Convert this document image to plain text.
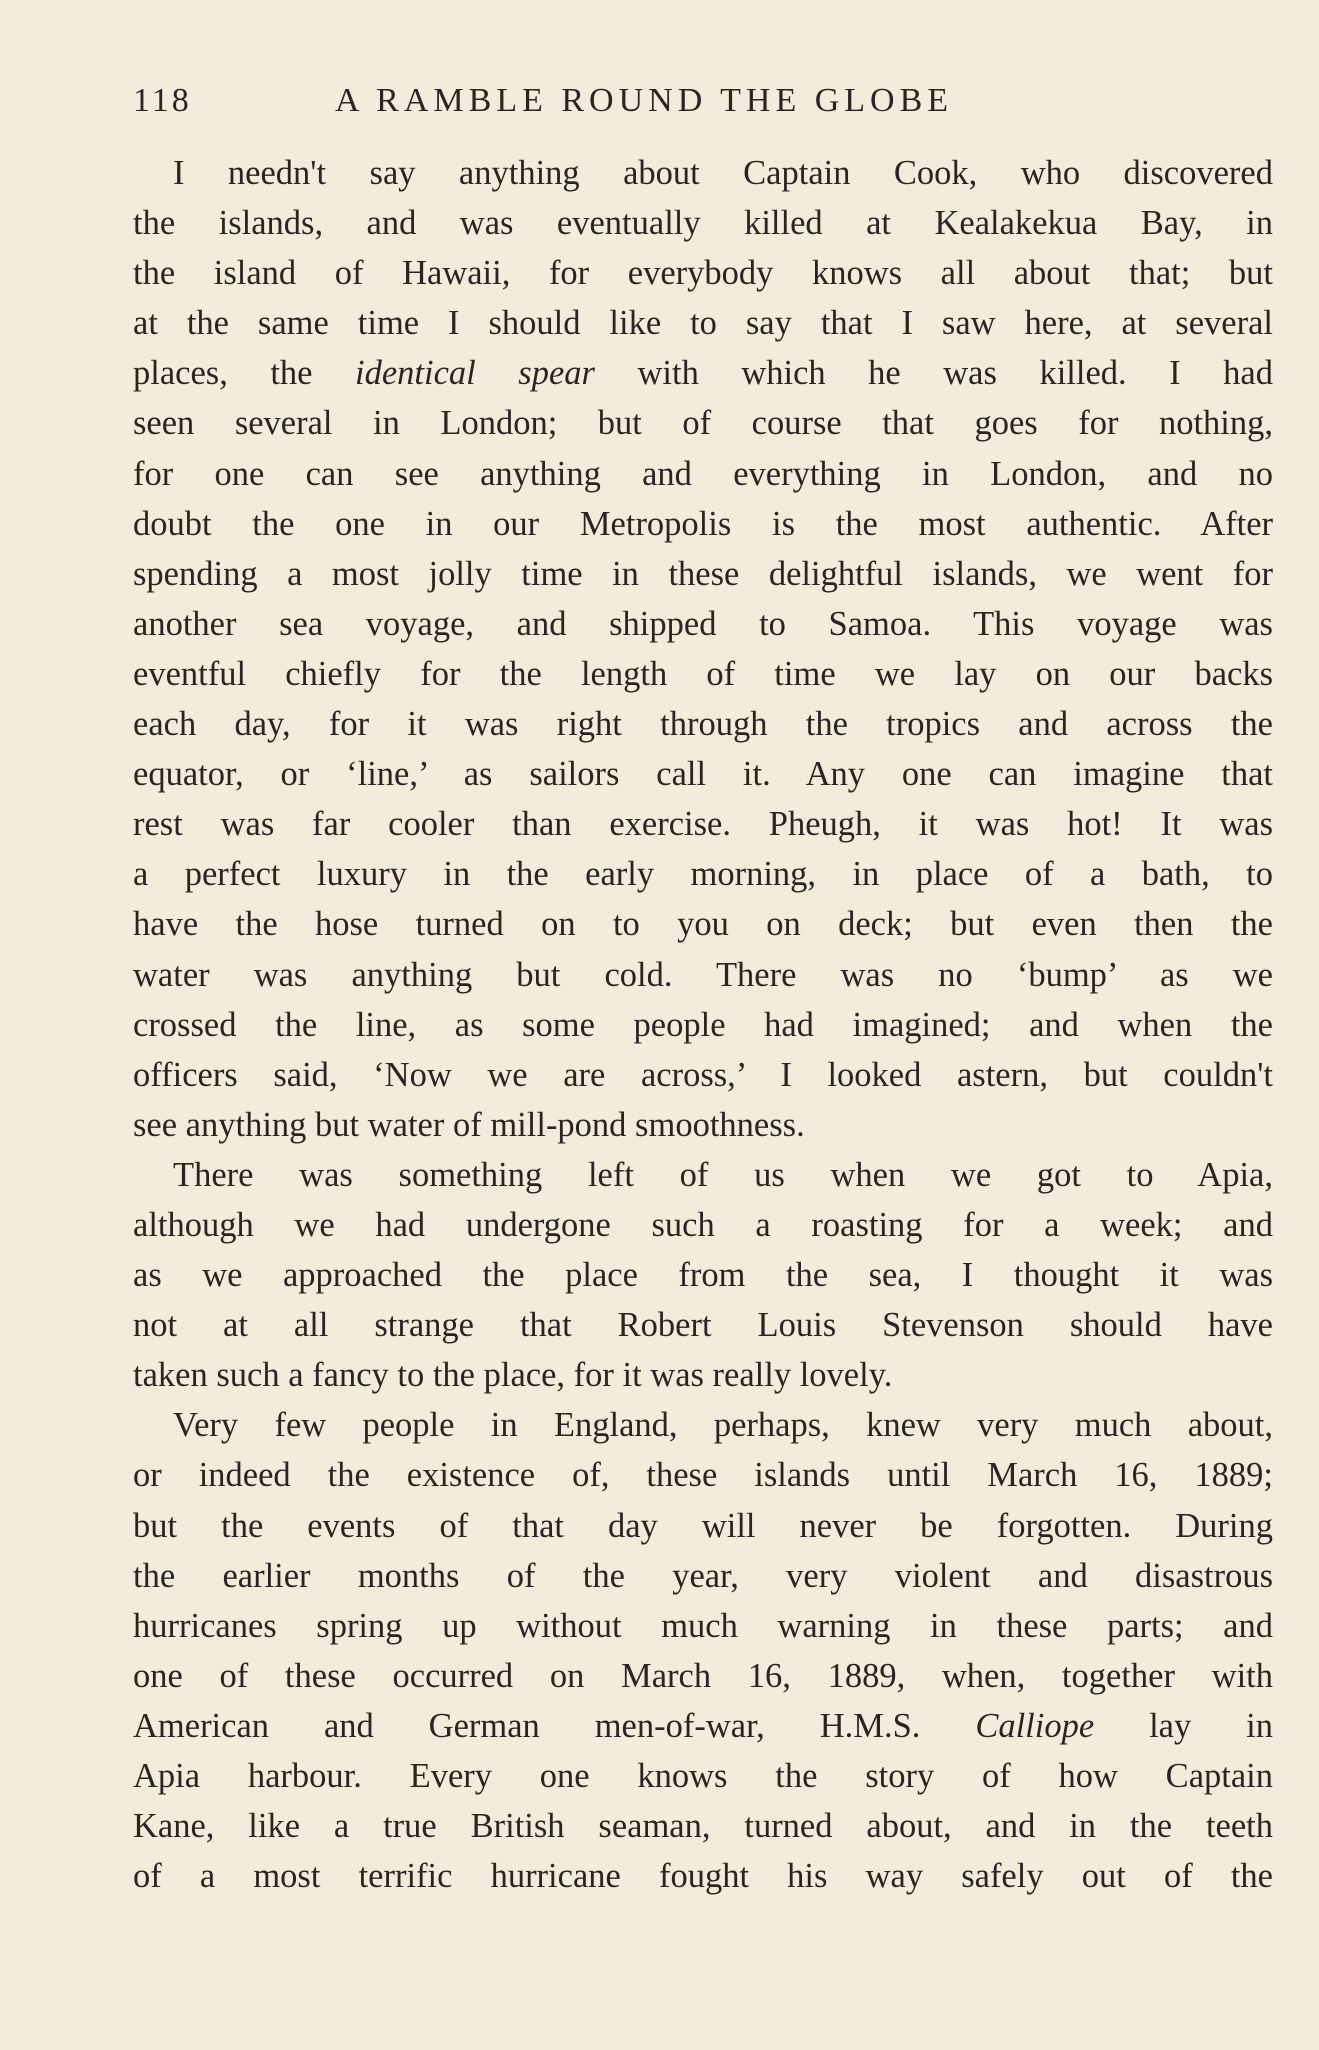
118	A RAMBLE ROUND THE GLOBE
I needn't say anything about Captain Cook, who discovered
the islands, and was eventually killed at Kealakekua Bay, in
the island of Hawaii, for everybody knows all about that; but
at the same time I should like to say that I saw here, at several
places, the identical spear with which he was killed. I had
seen several in London; but of course that goes for nothing,
for one can see anything and everything in London, and no
doubt the one in our Metropolis is the most authentic. After
spending a most jolly time in these delightful islands, we went for
another sea voyage, and shipped to Samoa. This voyage was
eventful chiefly for the length of time we lay on our backs
each day, for it was right through the tropics and across the
equator, or ‘line,’ as sailors call it. Any one can imagine that
rest was far cooler than exercise. Pheugh, it was hot! It was
a perfect luxury in the early morning, in place of a bath, to
have the hose turned on to you on deck; but even then the
water was anything but cold. There was no ‘bump’ as we
crossed the line, as some people had imagined; and when the
officers said, ‘Now we are across,’ I looked astern, but couldn't
see anything but water of mill-pond smoothness.
There was something left of us when we got to Apia,
although we had undergone such a roasting for a week; and
as we approached the place from the sea, I thought it was
not at all strange that Robert Louis Stevenson should have
taken such a fancy to the place, for it was really lovely.
Very few people in England, perhaps, knew very much about,
or indeed the existence of, these islands until March 16, 1889;
but the events of that day will never be forgotten. During
the earlier months of the year, very violent and disastrous
hurricanes spring up without much warning in these parts; and
one of these occurred on March 16, 1889, when, together with
American and German men-of-war, H.M.S. Calliope lay in
Apia harbour. Every one knows the story of how Captain
Kane, like a true British seaman, turned about, and in the teeth
of a most terrific hurricane fought his way safely out of the
